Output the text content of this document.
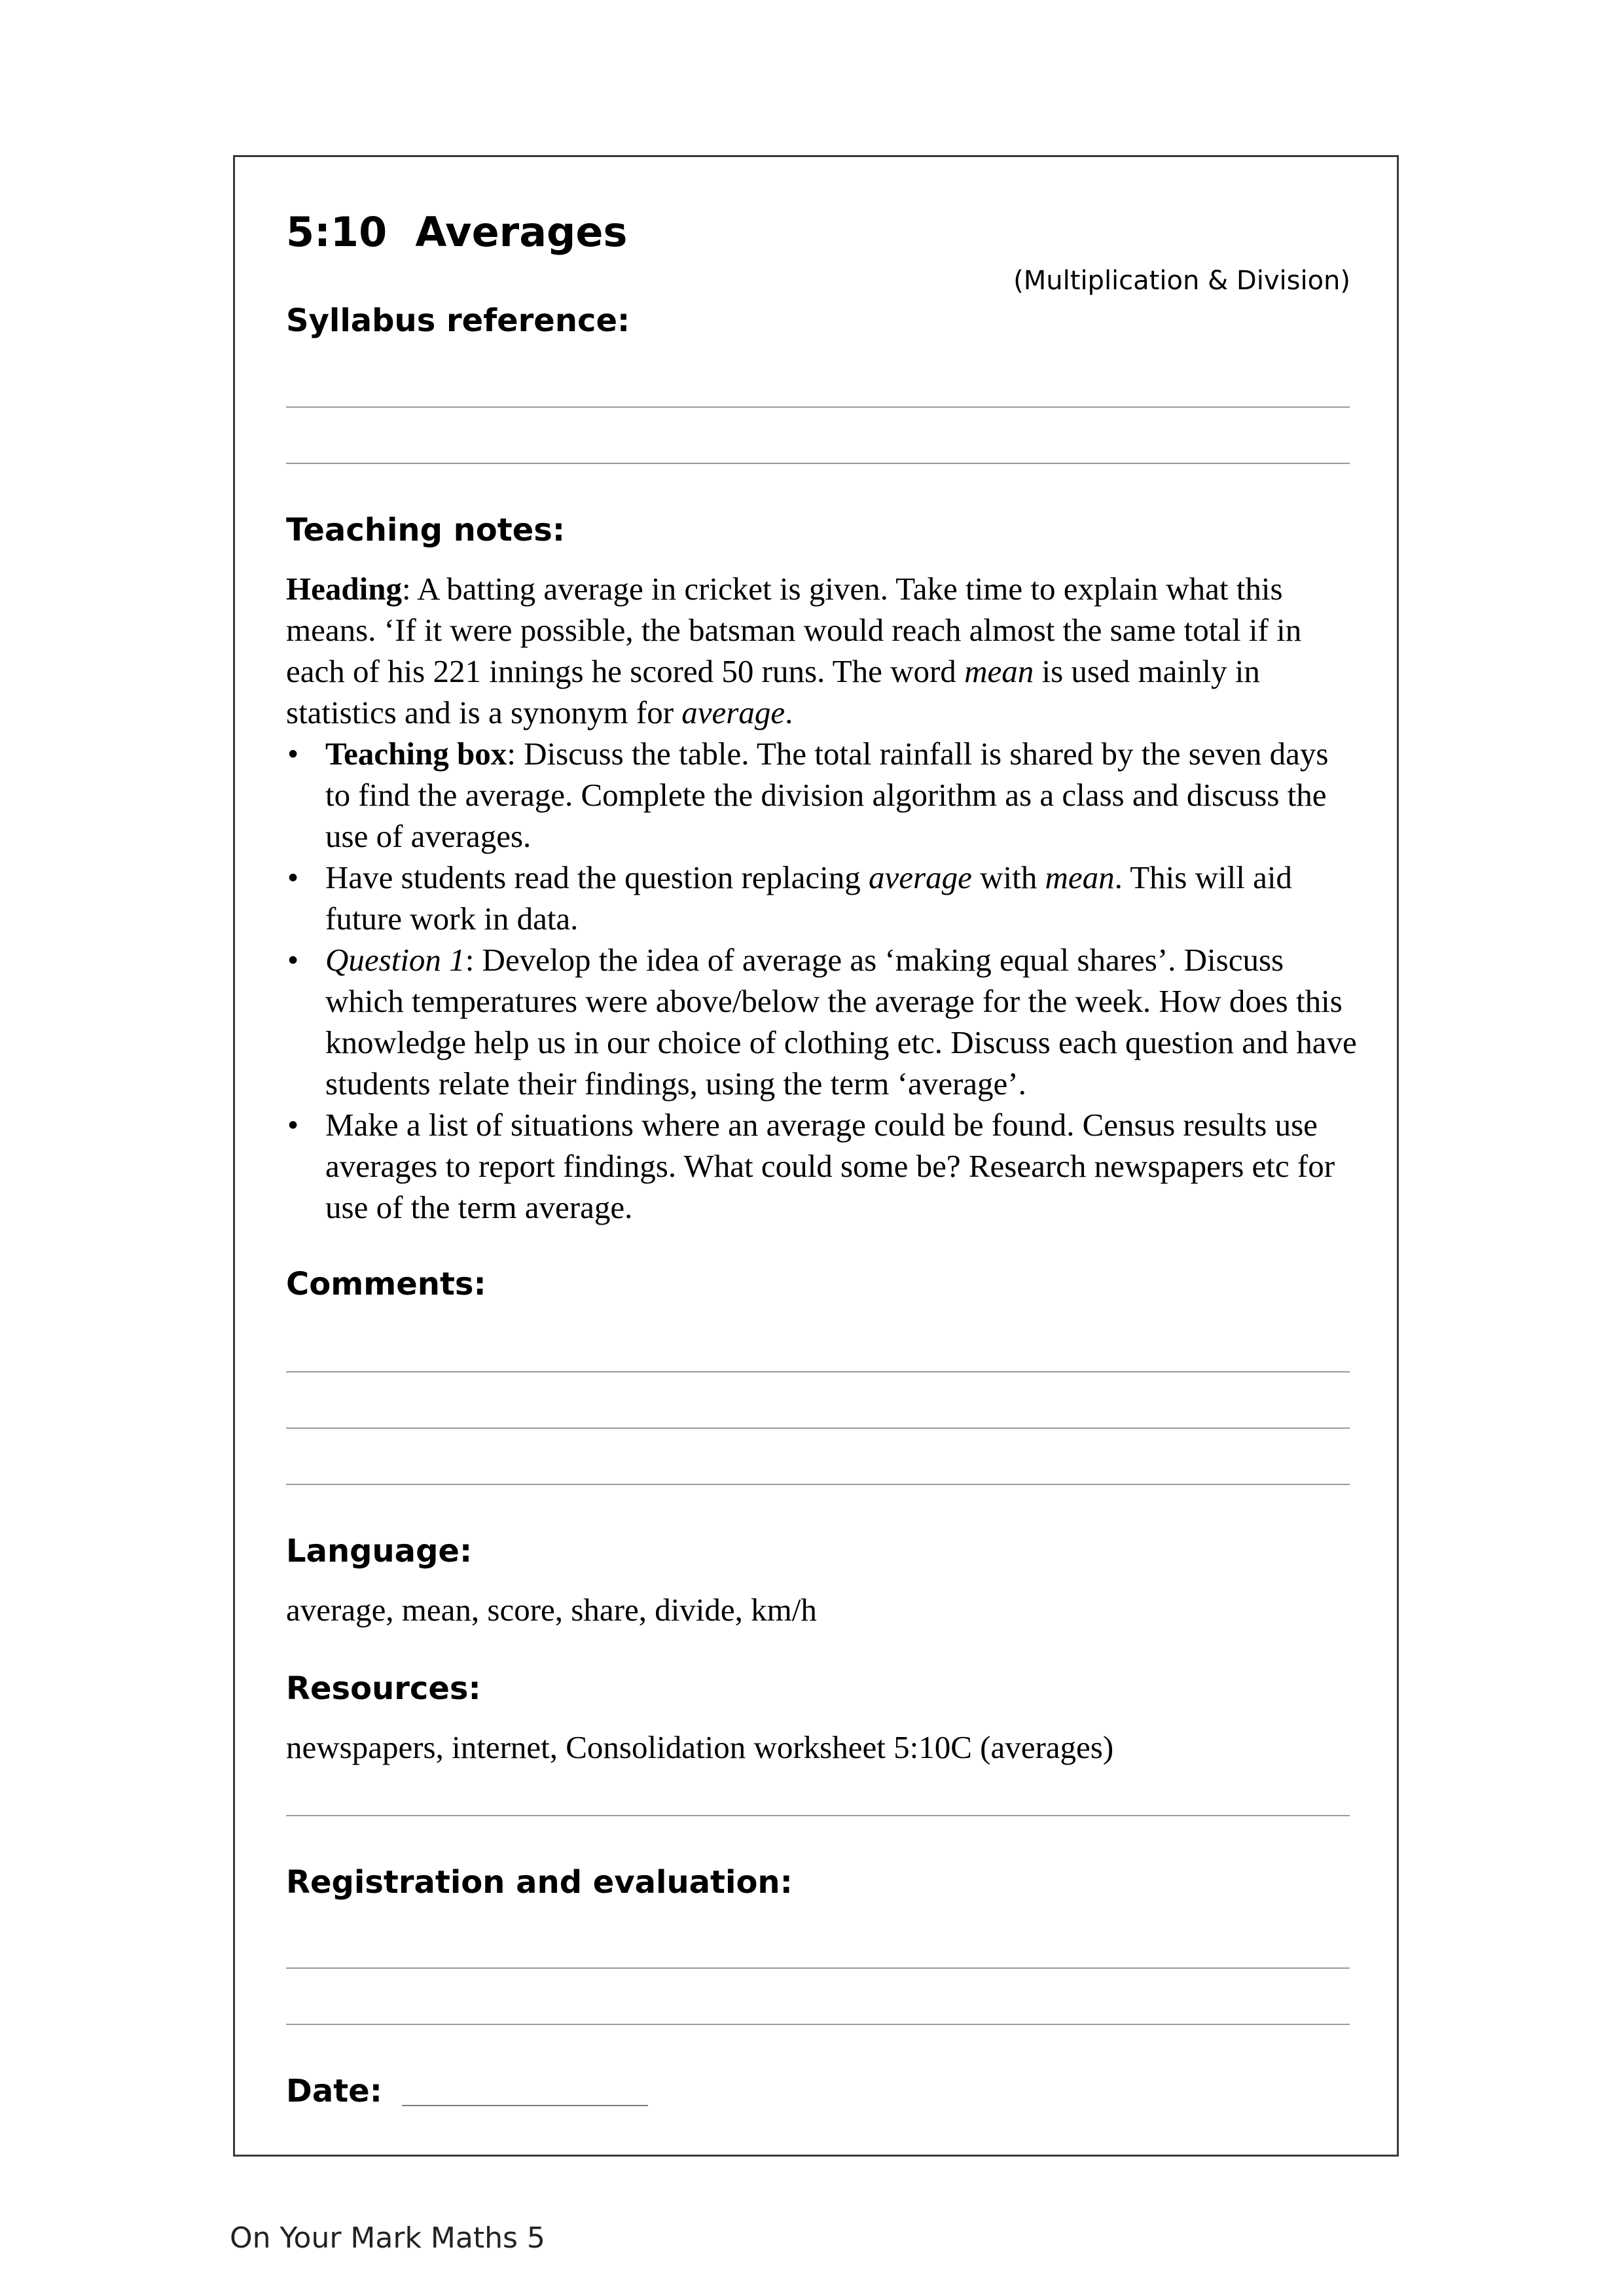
5:10  Averages
(Multiplication & Division)
Syllabus reference:
Teaching notes:

Heading: A batting average in cricket is given. Take time to explain what this means. ‘If it were possible, the batsman would reach almost the same total if in each of his 221 innings he scored 50 runs. The word mean is used mainly in statistics and is a synonym for average.

• Teaching box: Discuss the table. The total rainfall is shared by the seven days to find the average. Complete the division algorithm as a class and discuss the use of averages.
• Have students read the question replacing average with mean. This will aid future work in data.
• Question 1: Develop the idea of average as ‘making equal shares’. Discuss which temperatures were above/below the average for the week. How does this knowledge help us in our choice of clothing etc. Discuss each question and have students relate their findings, using the term ‘average’.
• Make a list of situations where an average could be found. Census results use averages to report findings. What could some be? Research newspapers etc for use of the term average.
Comments:
Language:
average, mean, score, share, divide, km/h
Resources:
newspapers, internet, Consolidation worksheet 5:10C (averages)
Registration and evaluation:
Date:
On Your Mark Maths 5
